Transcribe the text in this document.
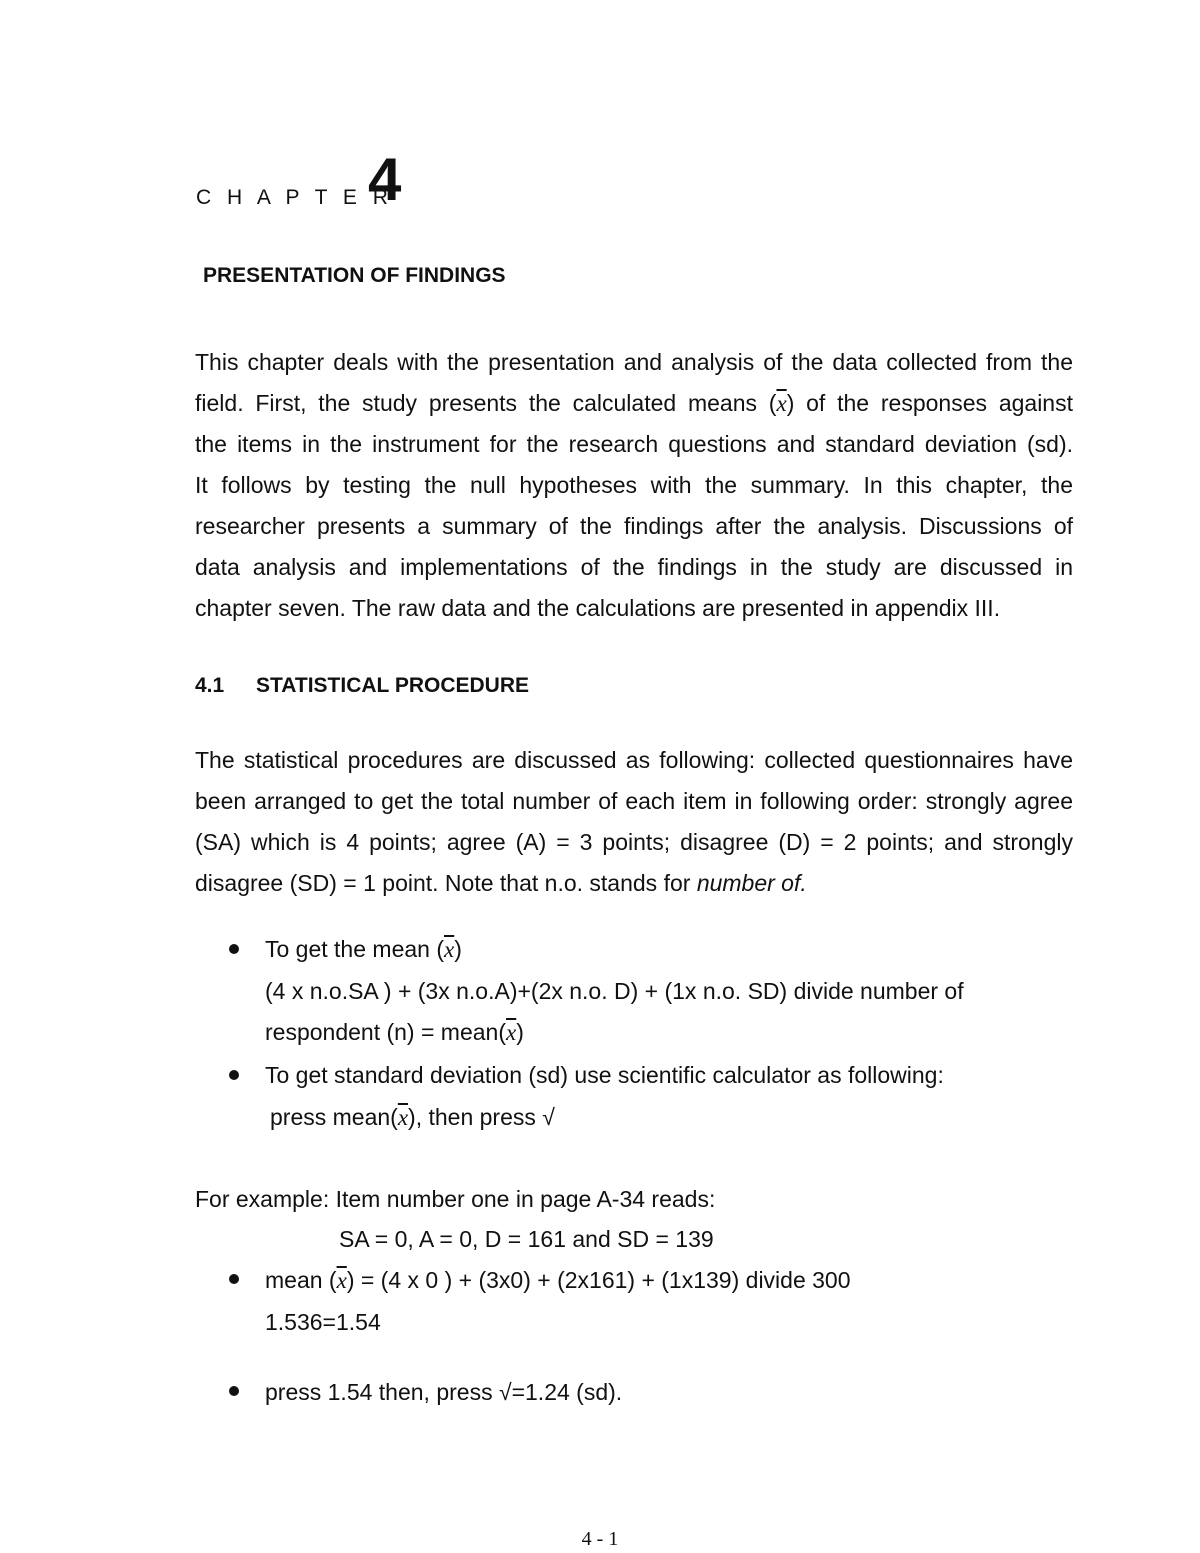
C H A P T E R
4
PRESENTATION OF FINDINGS
This chapter deals with the presentation and analysis of the data collected from the
field. First, the study presents the calculated means $(\overline{x})$ of the responses against
the items in the instrument for the research questions and standard deviation (sd).
It follows by testing the null hypotheses with the summary. In this chapter, the
researcher presents a summary of the findings after the analysis. Discussions of
data analysis and implementations of the findings in the study are discussed in
chapter seven. The raw data and the calculations are presented in appendix III.
4.1 STATISTICAL PROCEDURE
The statistical procedures are discussed as following: collected questionnaires have
been arranged to get the total number of each item in following order: strongly agree
(SA) which is 4 points; agree (A) = 3 points; disagree (D) = 2 points; and strongly
disagree (SD) = 1 point. Note that n.o. stands for number of.
To get the mean $(\overline{x})$
(4 x n.o.SA ) + (3x n.o.A)+(2x n.o. D) + (1x n.o. SD) divide number of
respondent $(n) = mean(\overline{x})$
To get standard deviation (sd) use scientific calculator as following:
press $mean(\overline{x})$, then press √
For example: Item number one in page A-34 reads:
SA = 0, A = 0, D = 161 and SD = 139
mean $(\overline{x}) = (4$ x 0 ) + (3x0) + (2x161) + (1x139) divide 300
1.536=1.54
press 1.54 then, press √=1.24 (sd).
4 - 1
